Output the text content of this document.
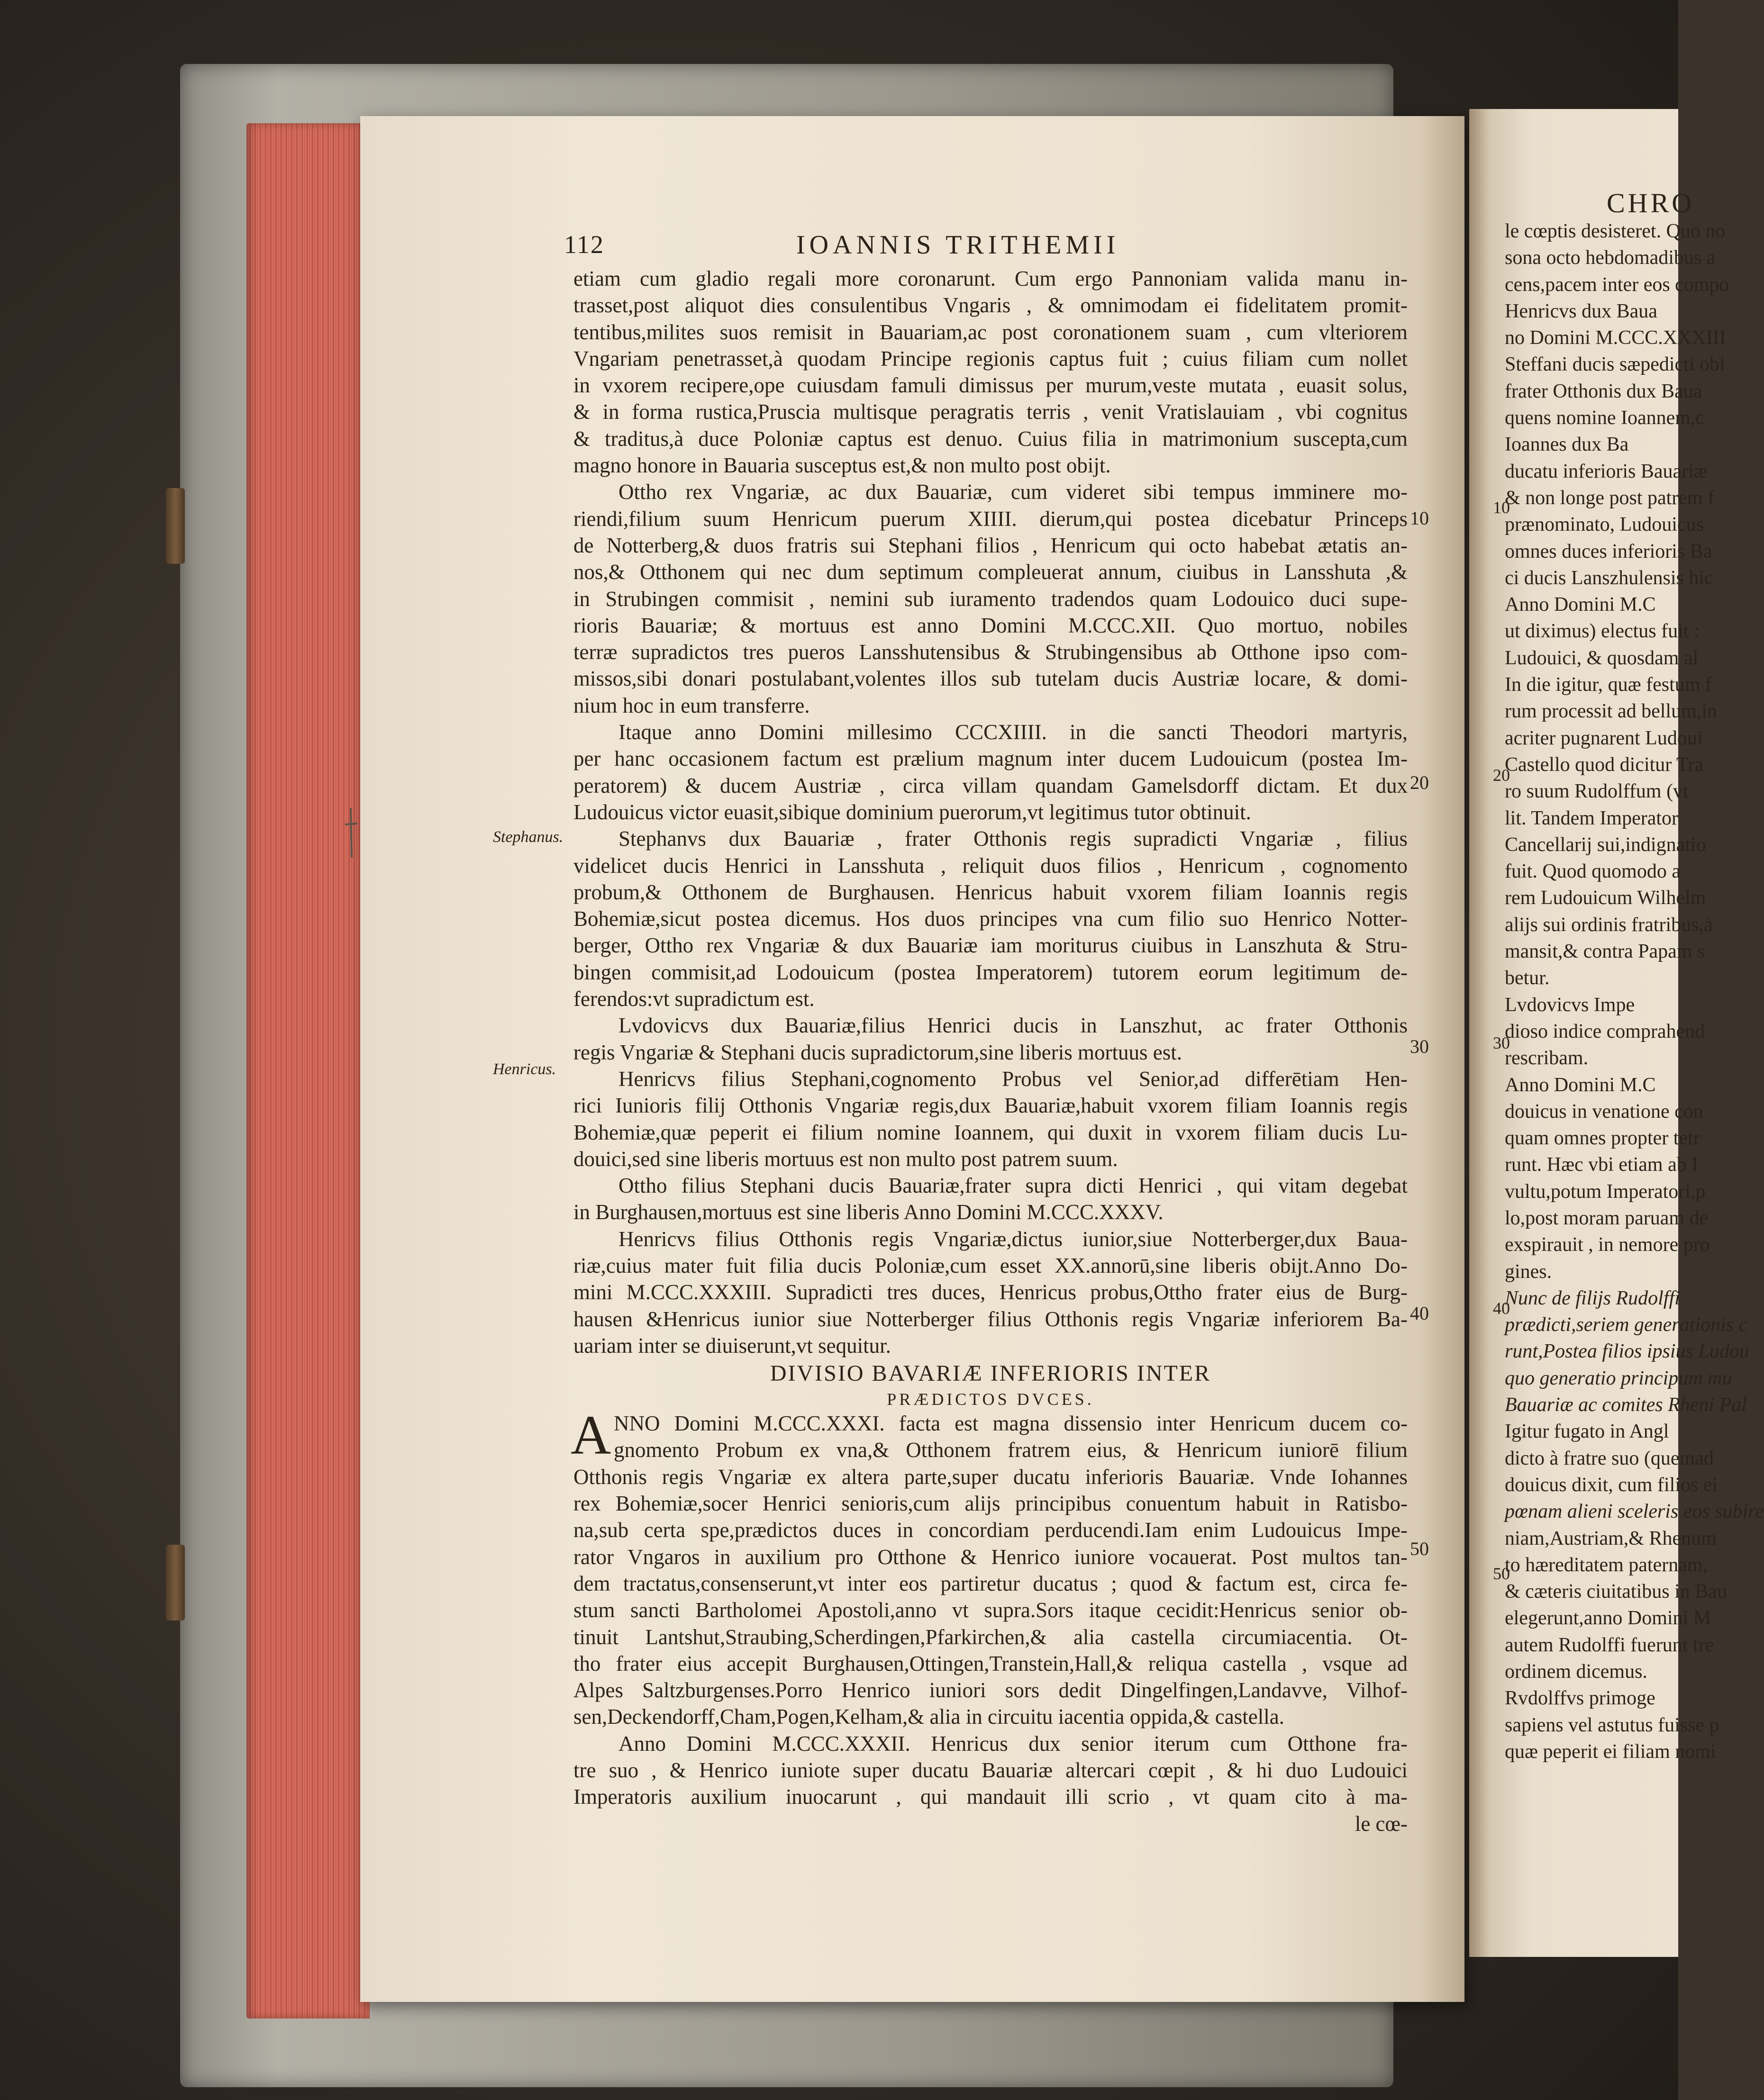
112	IOANNIS TRITHEMII
Stephanus.
Henricus.
10
20
30
40
50
etiam cum gladio regali more coronarunt. Cum ergo Pannoniam valida manu in-
trasset,post aliquot dies consulentibus Vngaris , & omnimodam ei fidelitatem promit-
tentibus,milites suos remisit in Bauariam,ac post coronationem suam , cum vlteriorem
Vngariam penetrasset,à quodam Principe regionis captus fuit ; cuius filiam cum nollet
in vxorem recipere,ope cuiusdam famuli dimissus per murum,veste mutata , euasit solus,
& in forma rustica,Prusciа multisque peragratis terris , venit Vratislauiam , vbi cognitus
& traditus,à duce Poloniæ captus est denuo. Cuius filia in matrimonium suscepta,cum
magno honore in Bauaria susceptus est,& non multo post obijt.
Ottho rex Vngariæ, ac dux Bauariæ, cum videret sibi tempus imminere mo-
riendi,filium suum Henricum puerum XIIII. dierum,qui postea dicebatur Princeps
de Notterberg,& duos fratris sui Stephani filios , Henricum qui octo habebat ætatis an-
nos,& Otthonem qui nec dum septimum compleuerat annum, ciuibus in Lansshuta ,&
in Strubingen commisit , nemini sub iuramento tradendos quam Lodouico duci supe-
rioris Bauariæ; & mortuus est anno Domini M.CCC.XII. Quo mortuo, nobiles
terræ supradictos tres pueros Lansshutensibus & Strubingensibus ab Otthone ipso com-
missos,sibi donari postulabant,volentes illos sub tutelam ducis Austriæ locare, & domi-
nium hoc in eum transferre.
Itaque anno Domini millesimo CCCXIIII. in die sancti Theodori martyris,
per hanc occasionem factum est prælium magnum inter ducem Ludouicum (postea Im-
peratorem) & ducem Austriæ , circa villam quandam Gamelsdorff dictam. Et dux
Ludouicus victor euasit,sibique dominium puerorum,vt legitimus tutor obtinuit.
Stephanvs dux Bauariæ , frater Otthonis regis supradicti Vngariæ , filius
videlicet ducis Henrici in Lansshuta , reliquit duos filios , Henricum , cognomento
probum,& Otthonem de Burghausen. Henricus habuit vxorem filiam Ioannis regis
Bohemiæ,sicut postea dicemus. Hos duos principes vna cum filio suo Henrico Notter-
berger, Ottho rex Vngariæ & dux Bauariæ iam moriturus ciuibus in Lanszhuta & Stru-
bingen commisit,ad Lodouicum (postea Imperatorem) tutorem eorum legitimum de-
ferendos:vt supradictum est.
Lvdovicvs dux Bauariæ,filius Henrici ducis in Lanszhut, ac frater Otthonis
regis Vngariæ & Stephani ducis supradictorum,sine liberis mortuus est.
Henricvs filius Stephani,cognomento Probus vel Senior,ad differētiam Hen-
rici Iunioris filij Otthonis Vngariæ regis,dux Bauariæ,habuit vxorem filiam Ioannis regis
Bohemiæ,quæ peperit ei filium nomine Ioannem, qui duxit in vxorem filiam ducis Lu-
douici,sed sine liberis mortuus est non multo post patrem suum.
Ottho filius Stephani ducis Bauariæ,frater supra dicti Henrici , qui vitam degebat
in Burghausen,mortuus est sine liberis Anno Domini M.CCC.XXXV.
Henricvs filius Otthonis regis Vngariæ,dictus iunior,siue Notterberger,dux Baua-
riæ,cuius mater fuit filia ducis Poloniæ,cum esset XX.annorū,sine liberis obijt.Anno Do-
mini M.CCC.XXXIII. Supradicti tres duces, Henricus probus,Ottho frater eius de Burg-
hausen &Henricus iunior siue Notterberger filius Otthonis regis Vngariæ inferiorem Ba-
uariam inter se diuiserunt,vt sequitur.
DIVISIO BAVARIÆ INFERIORIS INTER
PRÆDICTOS DVCES.
A NNO Domini M.CCC.XXXI. facta est magna dissensio inter Henricum ducem co-
gnomento Probum ex vna,& Otthonem fratrem eius, & Henricum iuniorē filium
Otthonis regis Vngariæ ex altera parte,super ducatu inferioris Bauariæ. Vnde Iohannes
rex Bohemiæ,socer Henrici senioris,cum alijs principibus conuentum habuit in Ratisbo-
na,sub certa spe,prædictos duces in concordiam perducendi.Iam enim Ludouicus Impe-
rator Vngaros in auxilium pro Otthone & Henrico iuniore vocauerat. Post multos tan-
dem tractatus,consenserunt,vt inter eos partiretur ducatus ; quod & factum est, circa fe-
stum sancti Bartholomei Apostoli,anno vt supra.Sors itaque cecidit:Henricus senior ob-
tinuit Lantshut,Straubing,Scherdingen,Pfarkirchen,& alia castella circumiacentia. Ot-
tho frater eius accepit Burghausen,Ottingen,Transtein,Hall,& reliqua castella , vsque ad
Alpes Saltzburgenses.Porro Henrico iuniori sors dedit Dingelfingen,Landavve, Vilhof-
sen,Deckendorff,Cham,Pogen,Kelham,& alia in circuitu iacentia oppida,& castella.
Anno Domini M.CCC.XXXII. Henricus dux senior iterum cum Otthone fra-
tre suo , & Henrico iuniote super ducatu Bauariæ altercari cœpit , & hi duo Ludouici
Imperatoris auxilium inuocarunt , qui mandauit illi scrio , vt quam cito à ma-
le cœ-
CHRO
le cœptis desisteret. Quo no
sona octo hebdomadibus a
cens,pacem inter eos compo
Henricvs dux Baua
no Domini M.CCC.XXXIII
Steffani ducis sæpedicti obi
frater Otthonis dux Baua
quens nomine Ioannem,c
Ioannes dux Ba
ducatu inferioris Bauariæ
& non longe post patrem f
prænominato, Ludouicus
omnes duces inferioris Ba
ci ducis Lanszhulensis hic
Anno Domini M.C
ut diximus) electus fuit :
Ludouici, & quosdam al
In die igitur, quæ festum f
rum processit ad bellum,in
acriter pugnarent Ludoui
Castello quod dicitur Tra
ro suum Rudolffum (vt
lit. Tandem Imperator
Cancellarij sui,indignatio
fuit. Quod quomodo a
rem Ludouicum Wilhelm
alijs sui ordinis fratribus,à
mansit,& contra Papam s
betur.
Lvdovicvs Impe
dioso indice comprahend
rescribam.
Anno Domini M.C
douicus in venatione con
quam omnes propter tetr
runt. Hæc vbi etiam ab I
vultu,potum Imperatori,p
lo,post moram paruam de
exspirauit , in nemore pro
gines.
Nunc de filijs Rudolffi
prædicti,seriem generationis c
runt,Postea filios ipsius Ludou
quo generatio principum mu
Bauariæ ac comites Rheni Pal
Igitur fugato in Angl
dicto à fratre suo (quemad
douicus dixit, cum filios ei
pœnam alieni sceleris eos subire
niam,Austriam,& Rhenum
to hæreditatem paternam,
& cæteris ciuitatibus in Bau
elegerunt,anno Domini M
autem Rudolffi fuerunt tre
ordinem dicemus.
Rvdolffvs primoge
sapiens vel astutus fuisse p
quæ peperit ei filiam nomi
10
20
30
40
50
